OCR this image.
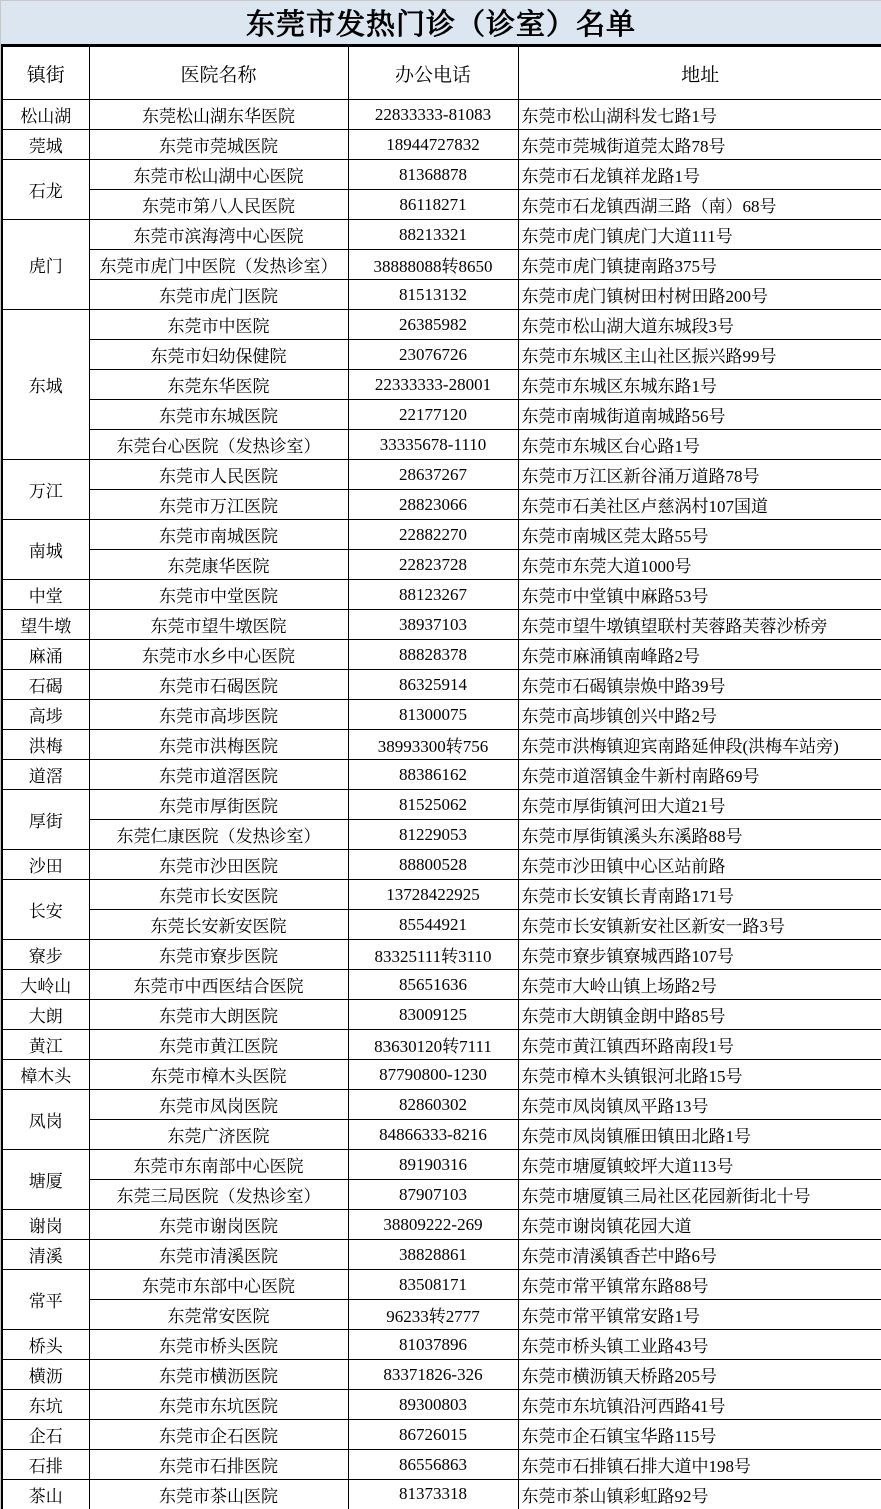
东莞市发热门诊（诊室）名单
镇街	医院名称	办公电话	地址
松山湖	东莞松山湖东华医院	22833333-81083	东莞市松山湖科发七路1号
莞城	东莞市莞城医院	18944727832	东莞市莞城街道莞太路78号
石龙	东莞市松山湖中心医院	81368878	东莞市石龙镇祥龙路1号
	东莞市第八人民医院	86118271	东莞市石龙镇西湖三路（南）68号
虎门	东莞市滨海湾中心医院	88213321	东莞市虎门镇虎门大道111号
	东莞市虎门中医院（发热诊室）	38888088转8650	东莞市虎门镇捷南路375号
	东莞市虎门医院	81513132	东莞市虎门镇树田村树田路200号
东城	东莞市中医院	26385982	东莞市松山湖大道东城段3号
	东莞市妇幼保健院	23076726	东莞市东城区主山社区振兴路99号
	东莞东华医院	22333333-28001	东莞市东城区东城东路1号
	东莞市东城医院	22177120	东莞市南城街道南城路56号
	东莞台心医院（发热诊室）	33335678-1110	东莞市东城区台心路1号
万江	东莞市人民医院	28637267	东莞市万江区新谷涌万道路78号
	东莞市万江医院	28823066	东莞市石美社区卢慈涡村107国道
南城	东莞市南城医院	22882270	东莞市南城区莞太路55号
	东莞康华医院	22823728	东莞市东莞大道1000号
中堂	东莞市中堂医院	88123267	东莞市中堂镇中麻路53号
望牛墩	东莞市望牛墩医院	38937103	东莞市望牛墩镇望联村芙蓉路芙蓉沙桥旁
麻涌	东莞市水乡中心医院	88828378	东莞市麻涌镇南峰路2号
石碣	东莞市石碣医院	86325914	东莞市石碣镇崇焕中路39号
高埗	东莞市高埗医院	81300075	东莞市高埗镇创兴中路2号
洪梅	东莞市洪梅医院	38993300转756	东莞市洪梅镇迎宾南路延伸段(洪梅车站旁)
道滘	东莞市道滘医院	88386162	东莞市道滘镇金牛新村南路69号
厚街	东莞市厚街医院	81525062	东莞市厚街镇河田大道21号
	东莞仁康医院（发热诊室）	81229053	东莞市厚街镇溪头东溪路88号
沙田	东莞市沙田医院	88800528	东莞市沙田镇中心区站前路
长安	东莞市长安医院	13728422925	东莞市长安镇长青南路171号
	东莞长安新安医院	85544921	东莞市长安镇新安社区新安一路3号
寮步	东莞市寮步医院	83325111转3110	东莞市寮步镇寮城西路107号
大岭山	东莞市中西医结合医院	85651636	东莞市大岭山镇上场路2号
大朗	东莞市大朗医院	83009125	东莞市大朗镇金朗中路85号
黄江	东莞市黄江医院	83630120转7111	东莞市黄江镇西环路南段1号
樟木头	东莞市樟木头医院	87790800-1230	东莞市樟木头镇银河北路15号
凤岗	东莞市凤岗医院	82860302	东莞市凤岗镇凤平路13号
	东莞广济医院	84866333-8216	东莞市凤岗镇雁田镇田北路1号
塘厦	东莞市东南部中心医院	89190316	东莞市塘厦镇蛟坪大道113号
	东莞三局医院（发热诊室）	87907103	东莞市塘厦镇三局社区花园新街北十号
谢岗	东莞市谢岗医院	38809222-269	东莞市谢岗镇花园大道
清溪	东莞市清溪医院	38828861	东莞市清溪镇香芒中路6号
常平	东莞市东部中心医院	83508171	东莞市常平镇常东路88号
	东莞常安医院	96233转2777	东莞市常平镇常安路1号
桥头	东莞市桥头医院	81037896	东莞市桥头镇工业路43号
横沥	东莞市横沥医院	83371826-326	东莞市横沥镇天桥路205号
东坑	东莞市东坑医院	89300803	东莞市东坑镇沿河西路41号
企石	东莞市企石医院	86726015	东莞市企石镇宝华路115号
石排	东莞市石排医院	86556863	东莞市石排镇石排大道中198号
茶山	东莞市茶山医院	81373318	东莞市茶山镇彩虹路92号
